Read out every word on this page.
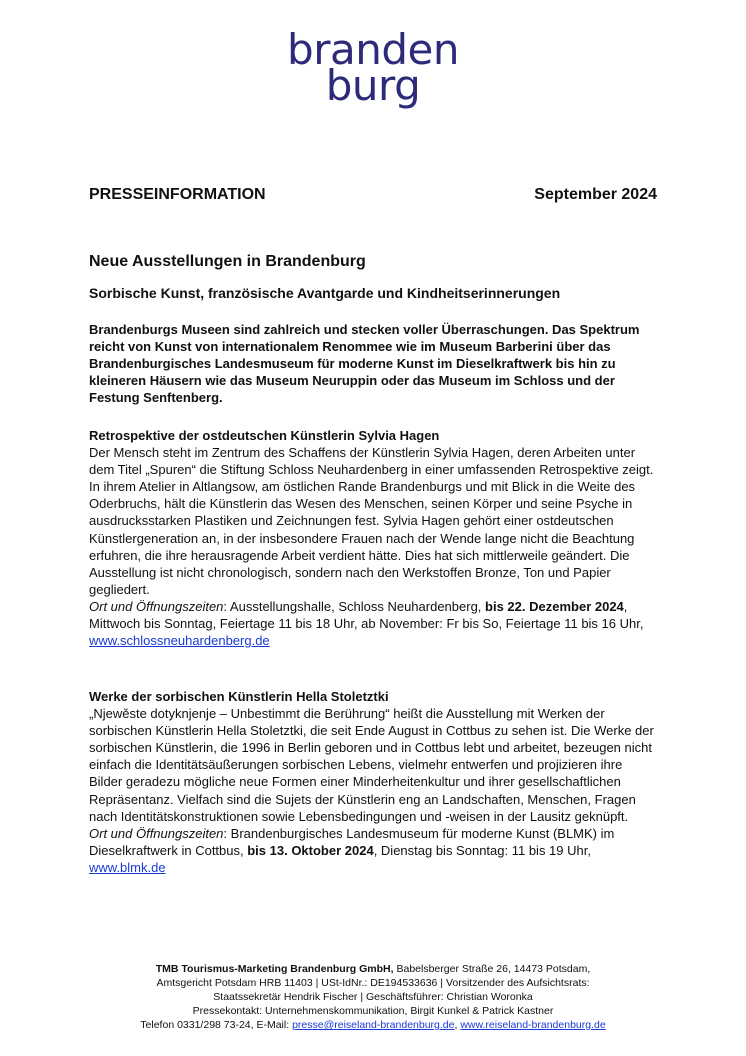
branden
burg
PRESSEINFORMATION	September 2024
Neue Ausstellungen in Brandenburg
Sorbische Kunst, französische Avantgarde und Kindheitserinnerungen

Brandenburgs Museen sind zahlreich und stecken voller Überraschungen. Das Spektrum reicht von Kunst von internationalem Renommee wie im Museum Barberini über das Brandenburgisches Landesmuseum für moderne Kunst im Dieselkraftwerk bis hin zu kleineren Häusern wie das Museum Neuruppin oder das Museum im Schloss und der Festung Senftenberg.

Retrospektive der ostdeutschen Künstlerin Sylvia Hagen

Der Mensch steht im Zentrum des Schaffens der Künstlerin Sylvia Hagen, deren Arbeiten unter dem Titel „Spuren“ die Stiftung Schloss Neuhardenberg in einer umfassenden Retrospektive zeigt. In ihrem Atelier in Altlangsow, am östlichen Rande Brandenburgs und mit Blick in die Weite des Oderbruchs, hält die Künstlerin das Wesen des Menschen, seinen Körper und seine Psyche in ausdrucksstarken Plastiken und Zeichnungen fest. Sylvia Hagen gehört einer ostdeutschen Künstlergeneration an, in der insbesondere Frauen nach der Wende lange nicht die Beachtung erfuhren, die ihre herausragende Arbeit verdient hätte. Dies hat sich mittlerweile geändert. Die Ausstellung ist nicht chronologisch, sondern nach den Werkstoffen Bronze, Ton und Papier gegliedert.

Ort und Öffnungszeiten: Ausstellungshalle, Schloss Neuhardenberg, bis 22. Dezember 2024, Mittwoch bis Sonntag, Feiertage 11 bis 18 Uhr, ab November: Fr bis So, Feiertage 11 bis 16 Uhr, www.schlossneuhardenberg.de

Werke der sorbischen Künstlerin Hella Stoletztki

„Njewěste dotyknjenje – Unbestimmt die Berührung“ heißt die Ausstellung mit Werken der sorbischen Künstlerin Hella Stoletztki, die seit Ende August in Cottbus zu sehen ist. Die Werke der sorbischen Künstlerin, die 1996 in Berlin geboren und in Cottbus lebt und arbeitet, bezeugen nicht einfach die Identitätsäußerungen sorbischen Lebens, vielmehr entwerfen und projizieren ihre Bilder geradezu mögliche neue Formen einer Minderheitenkultur und ihrer gesellschaftlichen Repräsentanz. Vielfach sind die Sujets der Künstlerin eng an Landschaften, Menschen, Fragen nach Identitätskonstruktionen sowie Lebensbedingungen und -weisen in der Lausitz geknüpft.

Ort und Öffnungszeiten: Brandenburgisches Landesmuseum für moderne Kunst (BLMK) im Dieselkraftwerk in Cottbus, bis 13. Oktober 2024, Dienstag bis Sonntag: 11 bis 19 Uhr, www.blmk.de

TMB Tourismus-Marketing Brandenburg GmbH, Babelsberger Straße 26, 14473 Potsdam,
Amtsgericht Potsdam HRB 11403 | USt-IdNr.: DE194533636 | Vorsitzender des Aufsichtsrats:
Staatssekretär Hendrik Fischer | Geschäftsführer: Christian Woronka
Pressekontakt: Unternehmenskommunikation, Birgit Kunkel & Patrick Kastner
Telefon 0331/298 73-24, E-Mail: presse@reiseland-brandenburg.de, www.reiseland-brandenburg.de
